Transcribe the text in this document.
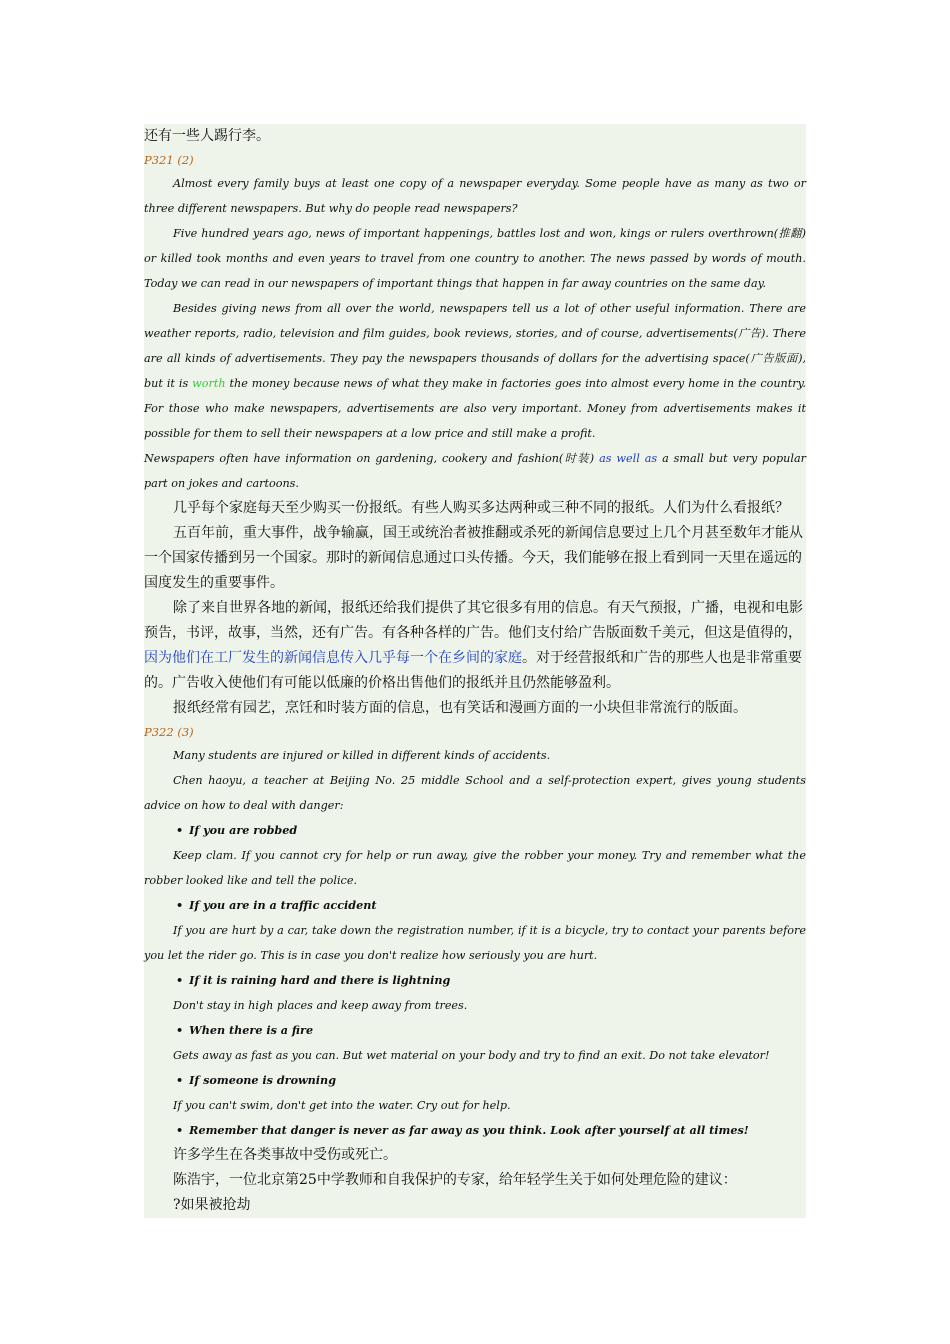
还有一些人踢行李。

P321 (2)

Almost every family buys at least one copy of a newspaper everyday. Some people have as many as two or three different newspapers. But why do people read newspapers?

Five hundred years ago, news of important happenings, battles lost and won, kings or rulers overthrown(推翻) or killed took months and even years to travel from one country to another. The news passed by words of mouth. Today we can read in our newspapers of important things that happen in far away countries on the same day.

Besides giving news from all over the world, newspapers tell us a lot of other useful information. There are weather reports, radio, television and film guides, book reviews, stories, and of course, advertisements(广告). There are all kinds of advertisements. They pay the newspapers thousands of dollars for the advertising space(广告版面), but it is worth the money because news of what they make in factories goes into almost every home in the country. For those who make newspapers, advertisements are also very important. Money from advertisements makes it possible for them to sell their newspapers at a low price and still make a profit.

Newspapers often have information on gardening, cookery and fashion(时装) as well as a small but very popular part on jokes and cartoons.

几乎每个家庭每天至少购买一份报纸。有些人购买多达两种或三种不同的报纸。人们为什么看报纸？

五百年前，重大事件，战争输赢，国王或统治者被推翻或杀死的新闻信息要过上几个月甚至数年才能从一个国家传播到另一个国家。那时的新闻信息通过口头传播。今天，我们能够在报上看到同一天里在遥远的国度发生的重要事件。

除了来自世界各地的新闻，报纸还给我们提供了其它很多有用的信息。有天气预报，广播，电视和电影预告，书评，故事，当然，还有广告。有各种各样的广告。他们支付给广告版面数千美元，但这是值得的，因为他们在工厂发生的新闻信息传入几乎每一个在乡间的家庭。对于经营报纸和广告的那些人也是非常重要的。广告收入使他们有可能以低廉的价格出售他们的报纸并且仍然能够盈利。

报纸经常有园艺，烹饪和时装方面的信息，也有笑话和漫画方面的一小块但非常流行的版面。

P322 (3)

Many students are injured or killed in different kinds of accidents.

Chen haoyu, a teacher at Beijing No. 25 middle School and a self-protection expert, gives young students advice on how to deal with danger:

• If you are robbed

Keep clam. If you cannot cry for help or run away, give the robber your money. Try and remember what the robber looked like and tell the police.

• If you are in a traffic accident

If you are hurt by a car, take down the registration number, if it is a bicycle, try to contact your parents before you let the rider go. This is in case you don't realize how seriously you are hurt.

• If it is raining hard and there is lightning

Don't stay in high places and keep away from trees.

• When there is a fire

Gets away as fast as you can. But wet material on your body and try to find an exit. Do not take elevator!

• If someone is drowning

If you can't swim, don't get into the water. Cry out for help.

• Remember that danger is never as far away as you think. Look after yourself at all times!

许多学生在各类事故中受伤或死亡。

陈浩宇，一位北京第25中学教师和自我保护的专家，给年轻学生关于如何处理危险的建议：

?如果被抢劫
